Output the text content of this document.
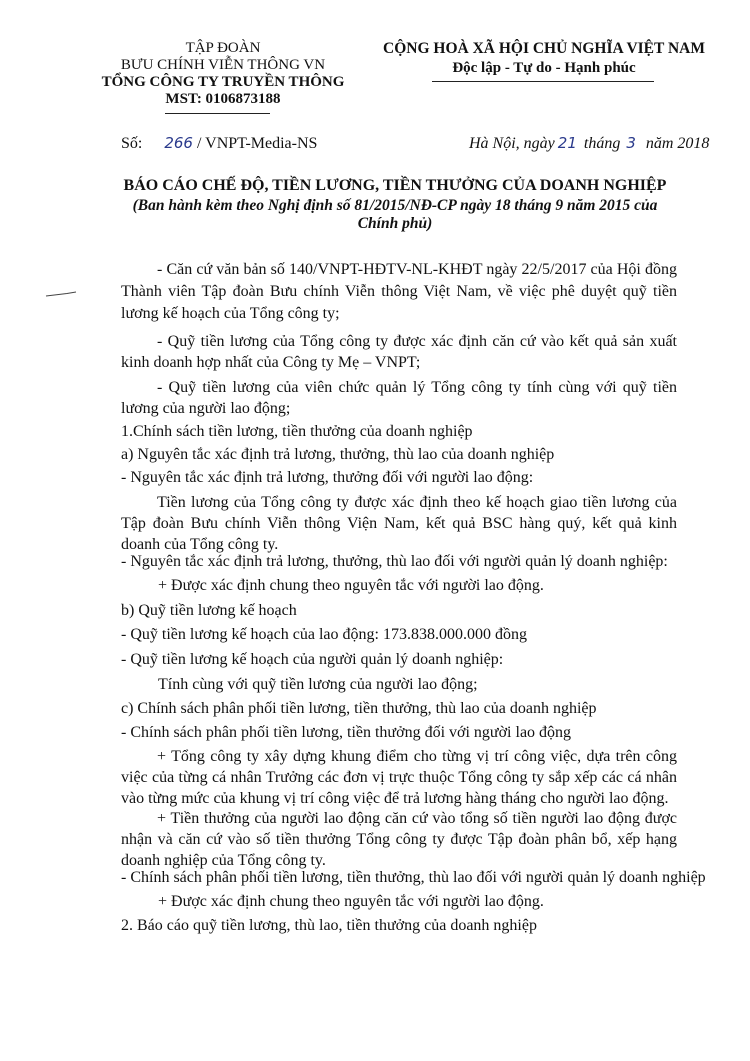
TẬP ĐOÀN
BƯU CHÍNH VIỄN THÔNG VN
TỔNG CÔNG TY TRUYỀN THÔNG
MST: 0106873188
CỘNG HOÀ XÃ HỘI CHỦ NGHĨA VIỆT NAM
Độc lập - Tự do - Hạnh phúc
Số: 266 / VNPT-Media-NS	Hà Nội, ngày 21 tháng 3 năm 2018
BÁO CÁO CHẾ ĐỘ, TIỀN LƯƠNG, TIỀN THƯỞNG CỦA DOANH NGHIỆP
(Ban hành kèm theo Nghị định số 81/2015/NĐ-CP ngày 18 tháng 9 năm 2015 của
Chính phủ)
- Căn cứ văn bản số 140/VNPT-HĐTV-NL-KHĐT ngày 22/5/2017 của Hội đồng Thành viên Tập đoàn Bưu chính Viễn thông Việt Nam, về việc phê duyệt quỹ tiền lương kế hoạch của Tổng công ty;
- Quỹ tiền lương của Tổng công ty được xác định căn cứ vào kết quả sản xuất kinh doanh hợp nhất của Công ty Mẹ – VNPT;
- Quỹ tiền lương của viên chức quản lý Tổng công ty tính cùng với quỹ tiền lương của người lao động;
1.Chính sách tiền lương, tiền thưởng của doanh nghiệp
a) Nguyên tắc xác định trả lương, thưởng, thù lao của doanh nghiệp
- Nguyên tắc xác định trả lương, thưởng đối với người lao động:
Tiền lương của Tổng công ty được xác định theo kế hoạch giao tiền lương của Tập đoàn Bưu chính Viễn thông Viện Nam, kết quả BSC hàng quý, kết quả kinh doanh của Tổng công ty.
- Nguyên tắc xác định trả lương, thưởng, thù lao đối với người quản lý doanh nghiệp:
+ Được xác định chung theo nguyên tắc với người lao động.
b) Quỹ tiền lương kế hoạch
- Quỹ tiền lương kế hoạch của lao động: 173.838.000.000 đồng
- Quỹ tiền lương kế hoạch của người quản lý doanh nghiệp:
Tính cùng với quỹ tiền lương của người lao động;
c) Chính sách phân phối tiền lương, tiền thưởng, thù lao của doanh nghiệp
- Chính sách phân phối tiền lương, tiền thưởng đối với người lao động
+ Tổng công ty xây dựng khung điểm cho từng vị trí công việc, dựa trên công việc của từng cá nhân Trưởng các đơn vị trực thuộc Tổng công ty sắp xếp các cá nhân vào từng mức của khung vị trí công việc để trả lương hàng tháng cho người lao động.
+ Tiền thưởng của người lao động căn cứ vào tổng số tiền người lao động được nhận và căn cứ vào số tiền thưởng Tổng công ty được Tập đoàn phân bổ, xếp hạng doanh nghiệp của Tổng công ty.
- Chính sách phân phối tiền lương, tiền thưởng, thù lao đối với người quản lý doanh nghiệp
+ Được xác định chung theo nguyên tắc với người lao động.
2. Báo cáo quỹ tiền lương, thù lao, tiền thưởng của doanh nghiệp
